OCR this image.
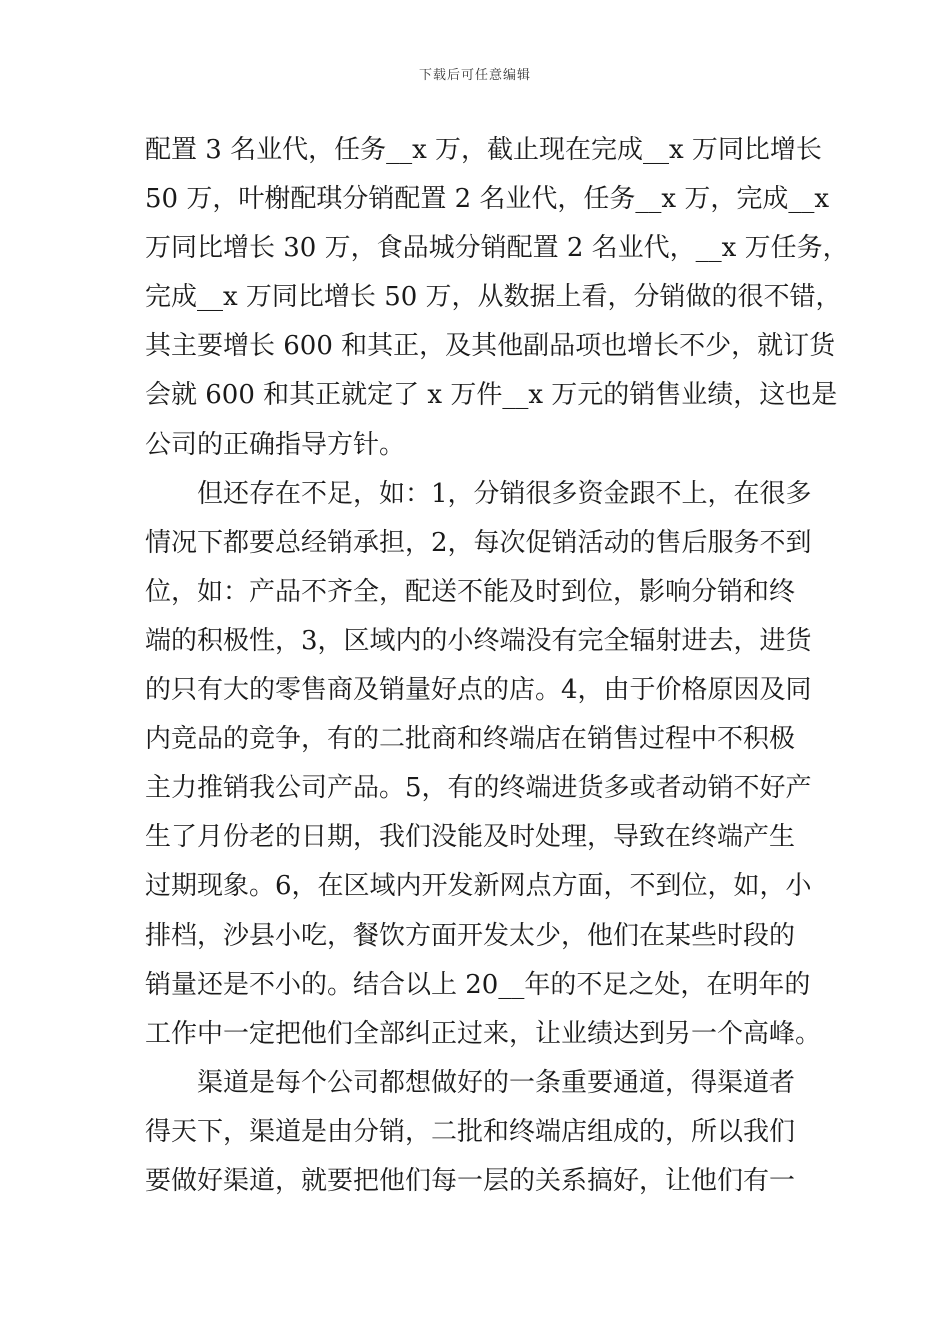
下载后可任意编辑
配置 3 名业代，任务__x 万，截止现在完成__x 万同比增长
50 万，叶榭配琪分销配置 2 名业代，任务__x 万，完成__x
万同比增长 30 万，食品城分销配置 2 名业代，__x 万任务，
完成__x 万同比增长 50 万，从数据上看，分销做的很不错，
其主要增长 600 和其正，及其他副品项也增长不少，就订货
会就 600 和其正就定了 x 万件__x 万元的销售业绩，这也是
公司的正确指导方针。
但还存在不足，如：1，分销很多资金跟不上，在很多
情况下都要总经销承担，2，每次促销活动的售后服务不到
位，如：产品不齐全，配送不能及时到位，影响分销和终
端的积极性，3，区域内的小终端没有完全辐射进去，进货
的只有大的零售商及销量好点的店。4，由于价格原因及同
内竞品的竞争，有的二批商和终端店在销售过程中不积极
主力推销我公司产品。5，有的终端进货多或者动销不好产
生了月份老的日期，我们没能及时处理，导致在终端产生
过期现象。6，在区域内开发新网点方面，不到位，如，小
排档，沙县小吃，餐饮方面开发太少，他们在某些时段的
销量还是不小的。结合以上 20__年的不足之处，在明年的
工作中一定把他们全部纠正过来，让业绩达到另一个高峰。
渠道是每个公司都想做好的一条重要通道，得渠道者
得天下，渠道是由分销，二批和终端店组成的，所以我们
要做好渠道，就要把他们每一层的关系搞好，让他们有一
